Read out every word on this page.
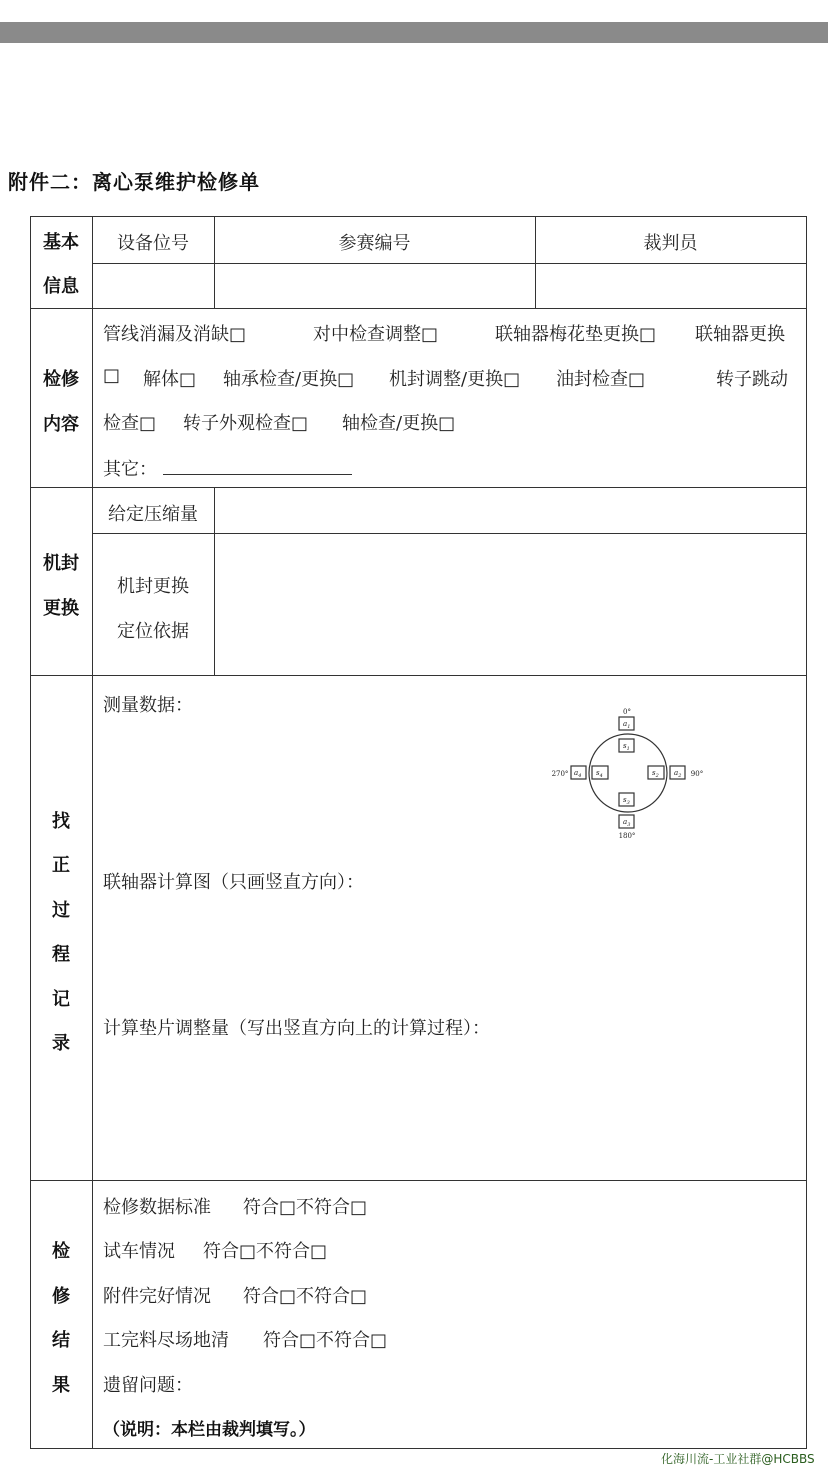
附件二：离心泵维护检修单
基本
信息
设备位号	参赛编号	裁判员
检修
内容
管线消漏及消缺□	对中检查调整□	联轴器梅花垫更换□ 联轴器更换
□ 解体□ 轴承检查/更换□ 机封调整/更换□ 油封检查□	转子跳动
检查□ 转子外观检查□ 轴检查/更换□
其它：
机封
更换
给定压缩量
机封更换
定位依据
找
正
过
程
记
录
测量数据：
联轴器计算图（只画竖直方向）：
计算垫片调整量（写出竖直方向上的计算过程）：
0°
90°
180°
270°
$a_1$
$s_1$
$s_4$
$a_4$	$s_2$ $a_2$
$s_3$
$a_3$
检
修
结
果
检修数据标准 符合□不符合□
试车情况 符合□不符合□
附件完好情况 符合□不符合□
工完料尽场地清 符合□不符合□
遗留问题：
（说明：本栏由裁判填写。）
化海川流-工业社群@HCBBS
